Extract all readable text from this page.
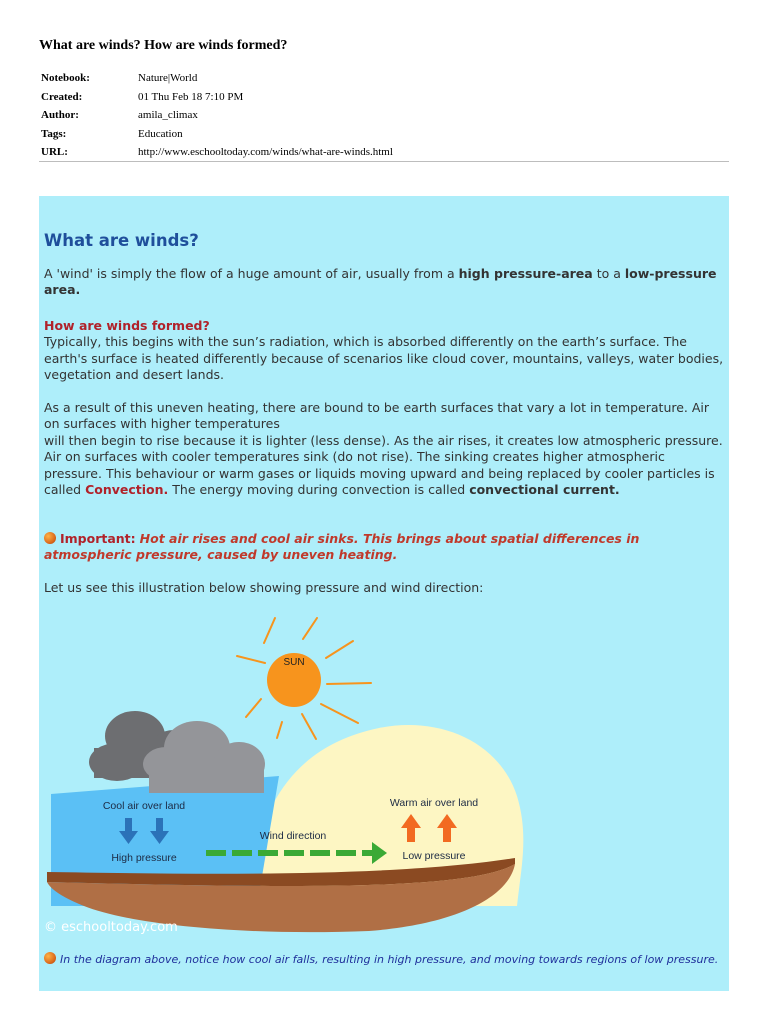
What are winds? How are winds formed?
Notebook:	Nature|World
Created:	01 Thu Feb 18 7:10 PM
Author:	amila_climax
Tags:	Education
URL:	http://www.eschooltoday.com/winds/what-are-winds.html
What are winds?

A 'wind' is simply the flow of a huge amount of air, usually from a high pressure-area to a low-pressure area.

How are winds formed?
Typically, this begins with the sun’s radiation, which is absorbed differently on the earth’s surface. The earth's surface is heated differently because of scenarios like cloud cover, mountains, valleys, water bodies, vegetation and desert lands.

As a result of this uneven heating, there are bound to be earth surfaces that vary a lot in temperature. Air on surfaces with higher temperatures
will then begin to rise because it is lighter (less dense). As the air rises, it creates low atmospheric pressure. Air on surfaces with cooler temperatures sink (do not rise). The sinking creates higher atmospheric pressure. This behaviour or warm gases or liquids moving upward and being replaced by cooler particles is called Convection. The energy moving during convection is called convectional current.

Important: Hot air rises and cool air sinks. This brings about spatial differences in atmospheric pressure, caused by uneven heating.

Let us see this illustration below showing pressure and wind direction:

SUN
Cool air over land
High pressure
Wind direction
Warm air over land
Low pressure
© eschooltoday.com

In the diagram above, notice how cool air falls, resulting in high pressure, and moving towards regions of low pressure.
